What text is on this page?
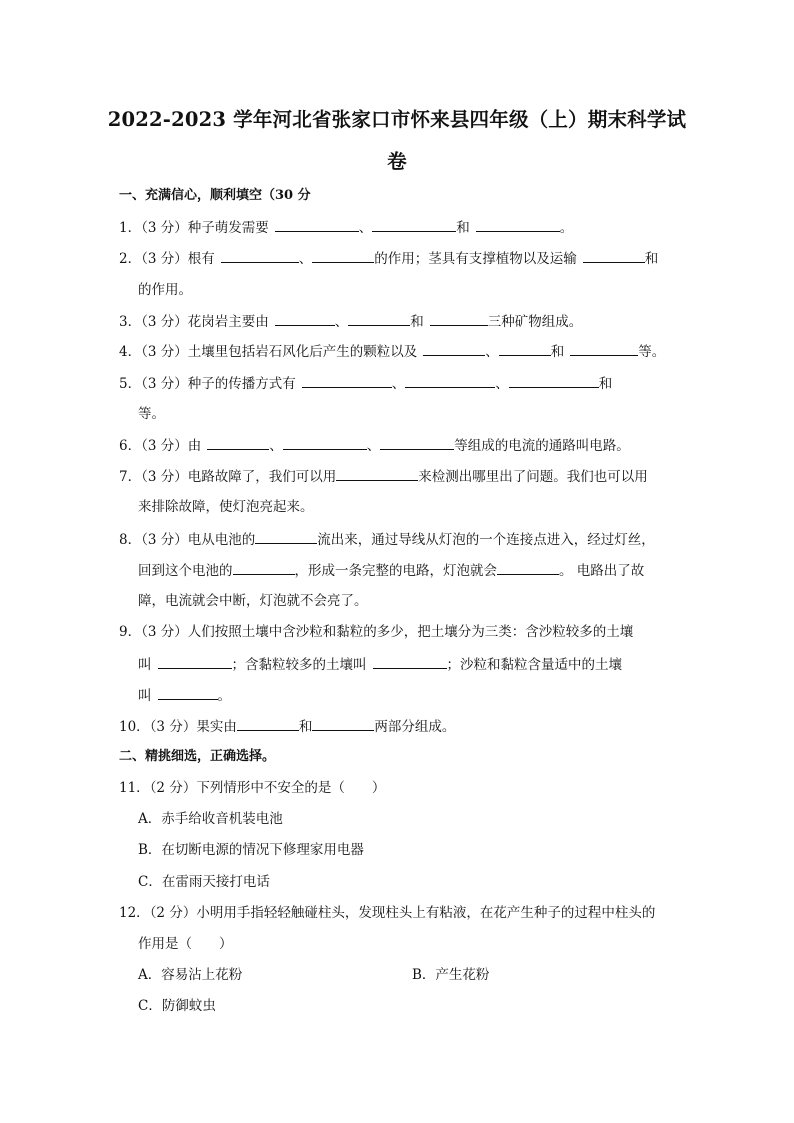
2022-2023 学年河北省张家口市怀来县四年级（上）期末科学试
卷
一、充满信心，顺利填空（30 分
1．（3 分）种子萌发需要	、	和	。
2．（3 分）根有	、	的作用；茎具有支撑植物以及运输	和
的作用。
3．（3 分）花岗岩主要由	、	和	三种矿物组成。
4．（3 分）土壤里包括岩石风化后产生的颗粒以及	、	和	等。
5．（3 分）种子的传播方式有	、	、	和
等。
6．（3 分）由	、	、	等组成的电流的通路叫电路。
7．（3 分）电路故障了，我们可以用	来检测出哪里出了问题。我们也可以用
来排除故障，使灯泡亮起来。
8．（3 分）电从电池的	流出来，通过导线从灯泡的一个连接点进入，经过灯丝，
回到这个电池的	，形成一条完整的电路，灯泡就会	。 电路出了故
障，电流就会中断，灯泡就不会亮了。
9．（3 分）人们按照土壤中含沙粒和黏粒的多少，把土壤分为三类：含沙粒较多的土壤
叫	；含黏粒较多的土壤叫	；沙粒和黏粒含量适中的土壤
叫	。
10．（3 分）果实由	和	两部分组成。
二、精挑细选，正确选择。
11．（2 分）下列情形中不安全的是（　　）
A．赤手给收音机装电池
B．在切断电源的情况下修理家用电器
C．在雷雨天接打电话
12．（2 分）小明用手指轻轻触碰柱头，发现柱头上有粘液，在花产生种子的过程中柱头的
作用是（　　）
A．容易沾上花粉	B．产生花粉
C．防御蚊虫
